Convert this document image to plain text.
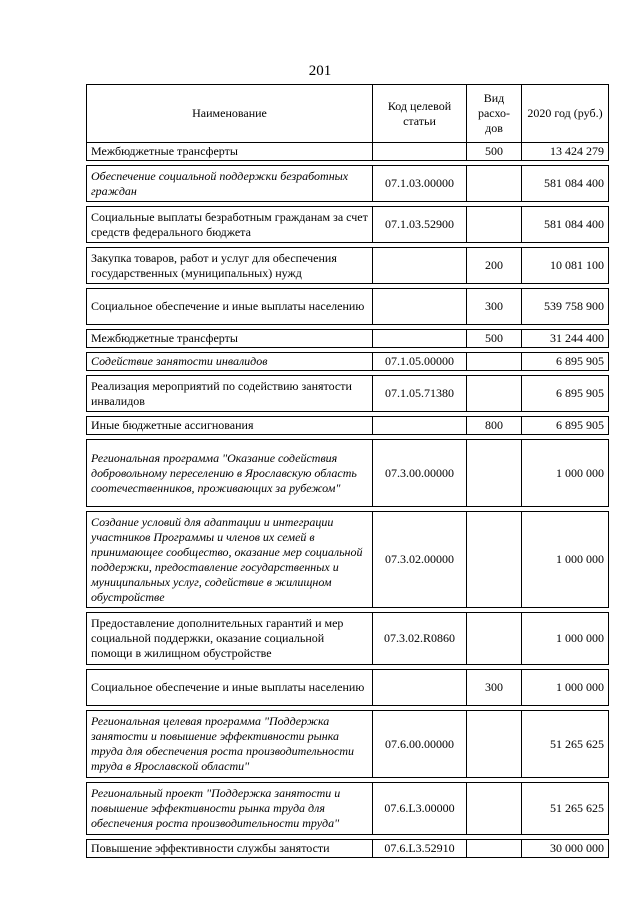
201
Наименование	Код целевой статьи	Вид расхо-дов	2020 год (руб.)
Межбюджетные трансферты		500	13 424 279

Обеспечение социальной поддержки безработных граждан	07.1.03.00000		581 084 400

Социальные выплаты безработным гражданам за счет средств федерального бюджета	07.1.03.52900		581 084 400

Закупка товаров, работ и услуг для обеспечения государственных (муниципальных) нужд		200	10 081 100

Социальное обеспечение и иные выплаты населению		300	539 758 900

Межбюджетные трансферты		500	31 244 400

Содействие занятости инвалидов	07.1.05.00000		6 895 905

Реализация мероприятий по содействию занятости инвалидов	07.1.05.71380		6 895 905

Иные бюджетные ассигнования		800	6 895 905

Региональная программа "Оказание содействия добровольному переселению в Ярославскую область соотечественников, проживающих за рубежом"	07.3.00.00000		1 000 000

Создание условий для адаптации и интеграции участников Программы и членов их семей в принимающее сообщество, оказание мер социальной поддержки, предоставление государственных и муниципальных услуг, содействие в жилищном обустройстве	07.3.02.00000		1 000 000

Предоставление дополнительных гарантий и мер социальной поддержки, оказание социальной помощи в жилищном обустройстве	07.3.02.R0860		1 000 000

Социальное обеспечение и иные выплаты населению		300	1 000 000

Региональная целевая программа "Поддержка занятости и повышение эффективности рынка труда для обеспечения роста производительности труда в Ярославской области"	07.6.00.00000		51 265 625

Региональный проект "Поддержка занятости и повышение эффективности рынка труда для обеспечения роста производительности труда"	07.6.L3.00000		51 265 625

Повышение эффективности службы занятости	07.6.L3.52910		30 000 000
